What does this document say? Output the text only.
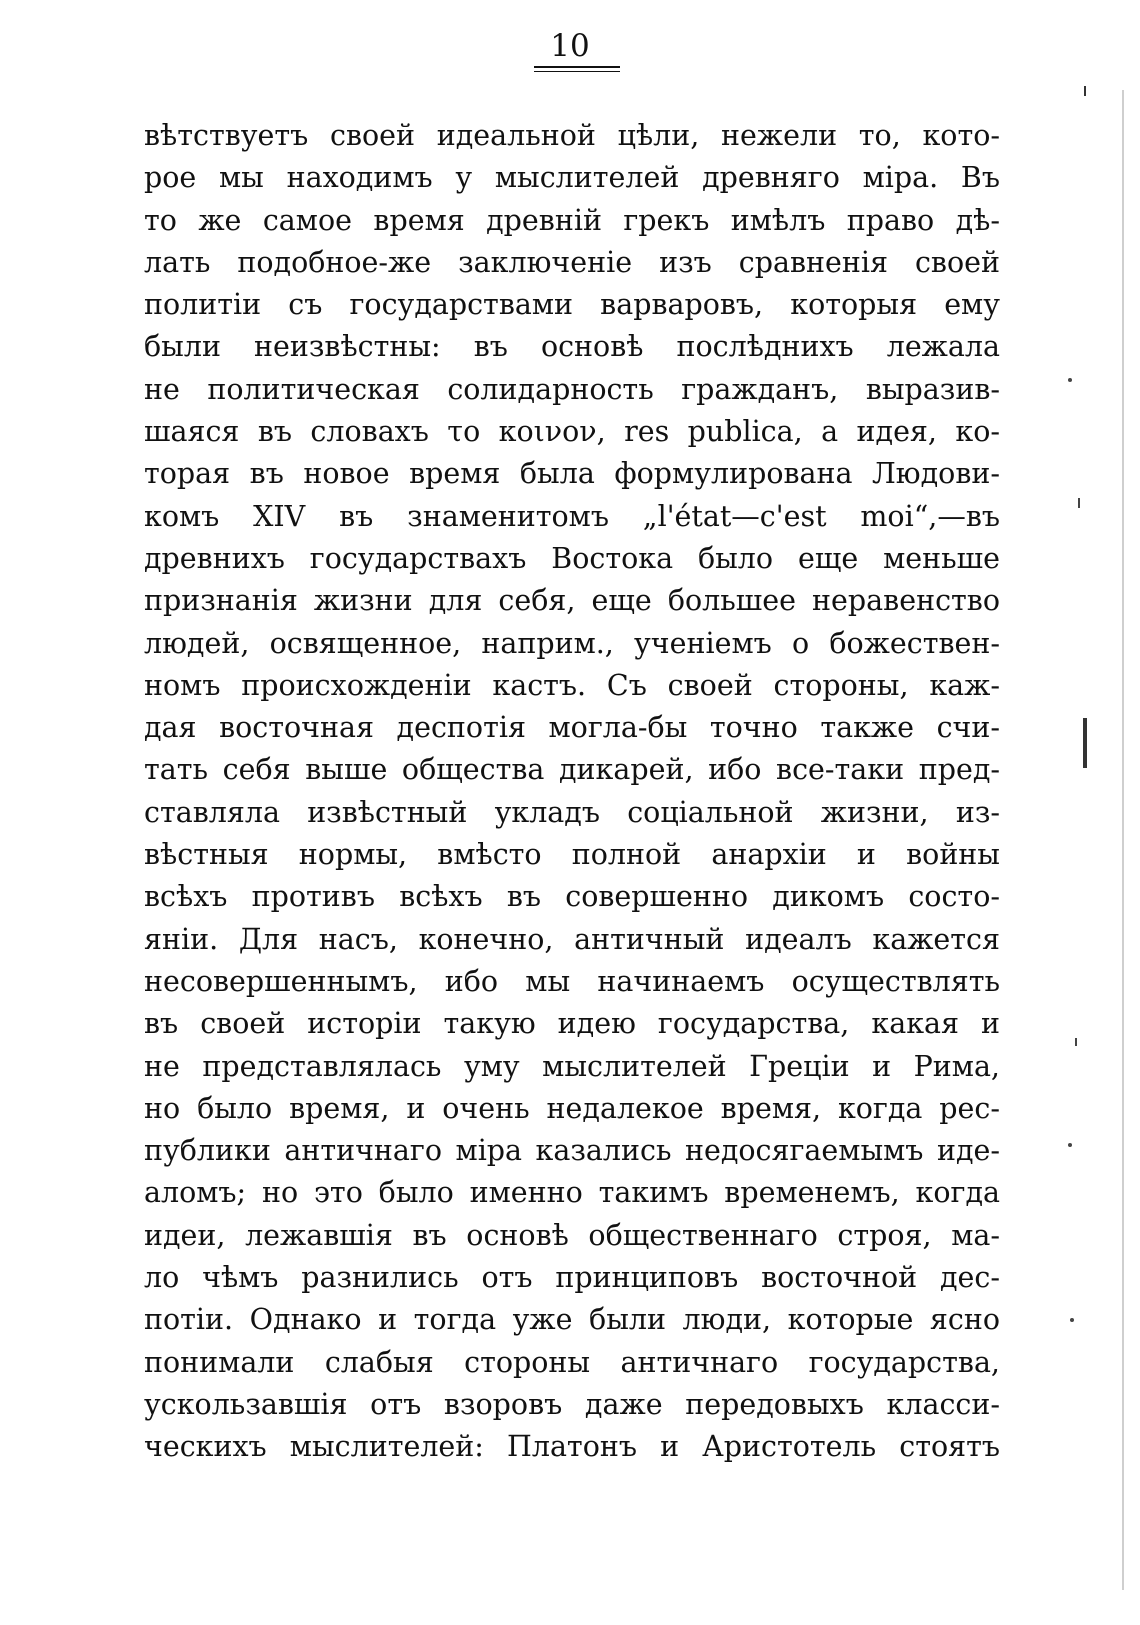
10
вѣтствуетъ своей идеальной цѣли, нежели то, кото-
рое мы находимъ у мыслителей древняго міра. Въ
то же самое время древній грекъ имѣлъ право дѣ-
лать подобное-же заключеніе изъ сравненія своей
политіи съ государствами варваровъ, которыя ему
были неизвѣстны: въ основѣ послѣднихъ лежала
не политическая солидарность гражданъ, выразив-
шаяся въ словахъ το κοινον, res publica, а идея, ко-
торая въ новое время была формулирована Людови-
комъ XIV въ знаменитомъ „l'état—c'est moi“,—въ
древнихъ государствахъ Востока было еще меньше
признанія жизни для себя, еще большее неравенство
людей, освященное, наприм., ученіемъ о божествен-
номъ происхожденіи кастъ. Съ своей стороны, каж-
дая восточная деспотія могла-бы точно также счи-
тать себя выше общества дикарей, ибо все-таки пред-
ставляла извѣстный укладъ соціальной жизни, из-
вѣстныя нормы, вмѣсто полной анархіи и войны
всѣхъ противъ всѣхъ въ совершенно дикомъ состо-
яніи. Для насъ, конечно, античный идеалъ кажется
несовершеннымъ, ибо мы начинаемъ осуществлять
въ своей исторіи такую идею государства, какая и
не представлялась уму мыслителей Греціи и Рима,
но было время, и очень недалекое время, когда рес-
публики античнаго міра казались недосягаемымъ иде-
аломъ; но это было именно такимъ временемъ, когда
идеи, лежавшія въ основѣ общественнаго строя, ма-
ло чѣмъ разнились отъ принциповъ восточной дес-
потіи. Однако и тогда уже были люди, которые ясно
понимали слабыя стороны античнаго государства,
ускользавшія отъ взоровъ даже передовыхъ класси-
ческихъ мыслителей: Платонъ и Аристотель стоятъ
